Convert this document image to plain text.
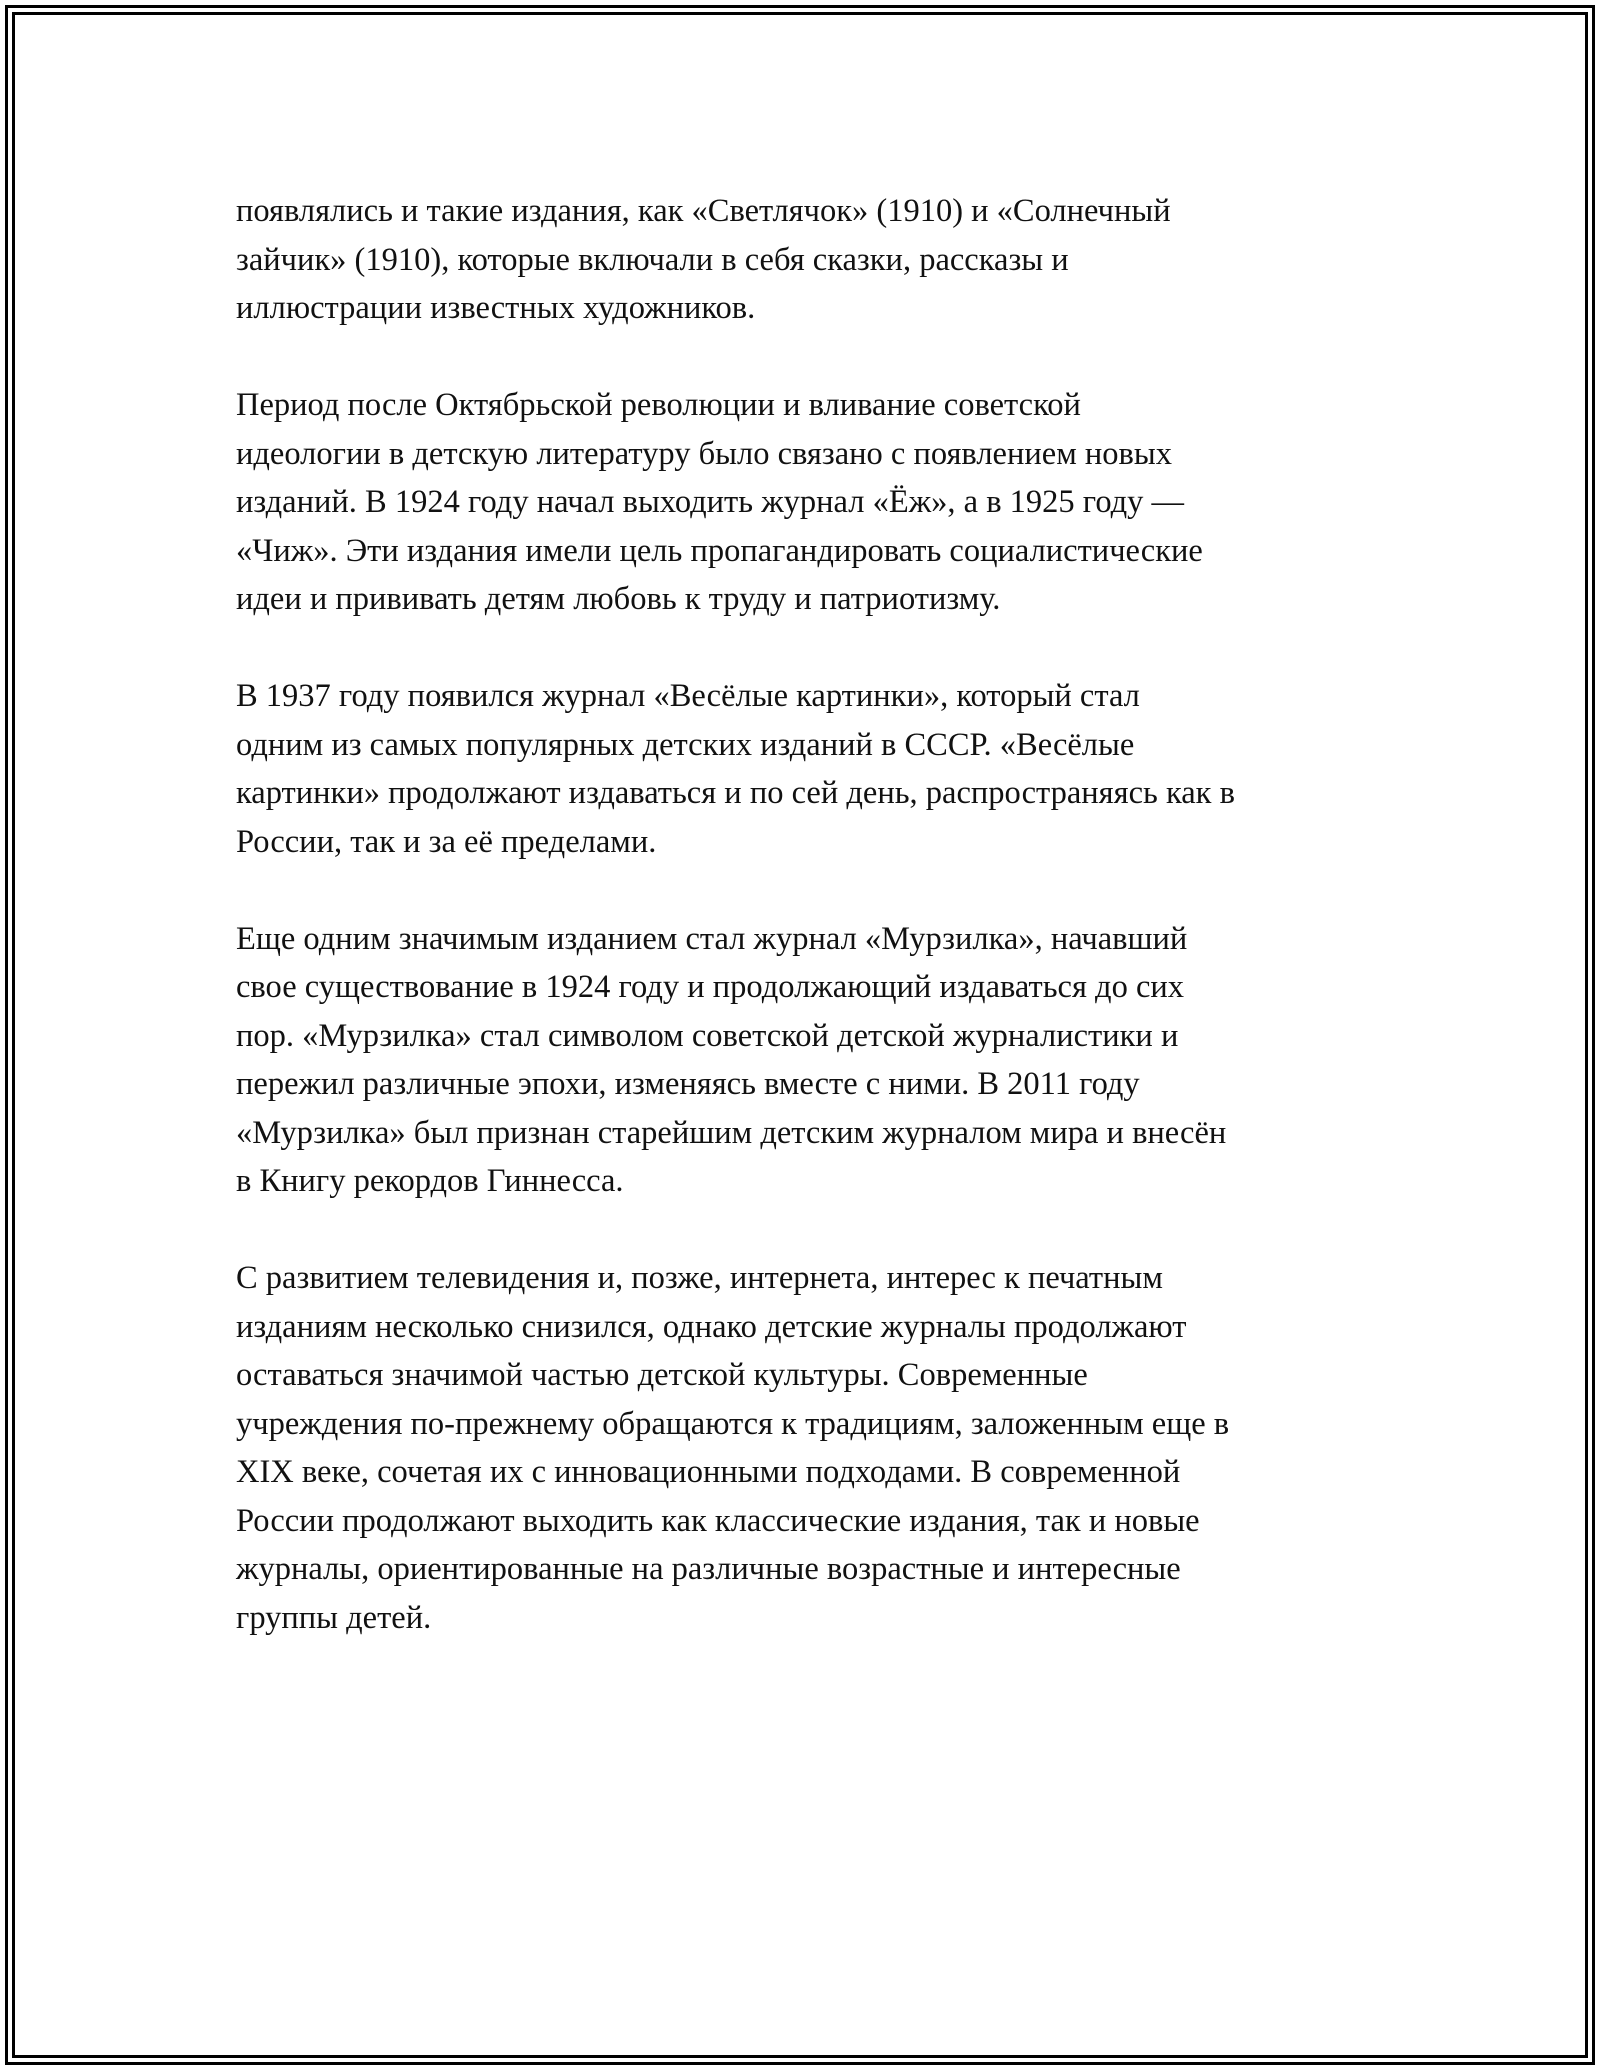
появлялись и такие издания, как «Светлячок» (1910) и «Солнечный
зайчик» (1910), которые включали в себя сказки, рассказы и
иллюстрации известных художников.

Период после Октябрьской революции и вливание советской
идеологии в детскую литературу было связано с появлением новых
изданий. В 1924 году начал выходить журнал «Ёж», а в 1925 году —
«Чиж». Эти издания имели цель пропагандировать социалистические
идеи и прививать детям любовь к труду и патриотизму.

В 1937 году появился журнал «Весёлые картинки», который стал
одним из самых популярных детских изданий в СССР. «Весёлые
картинки» продолжают издаваться и по сей день, распространяясь как в
России, так и за её пределами.

Еще одним значимым изданием стал журнал «Мурзилка», начавший
свое существование в 1924 году и продолжающий издаваться до сих
пор. «Мурзилка» стал символом советской детской журналистики и
пережил различные эпохи, изменяясь вместе с ними. В 2011 году
«Мурзилка» был признан старейшим детским журналом мира и внесён
в Книгу рекордов Гиннесса.

С развитием телевидения и, позже, интернета, интерес к печатным
изданиям несколько снизился, однако детские журналы продолжают
оставаться значимой частью детской культуры. Современные
учреждения по-прежнему обращаются к традициям, заложенным еще в
XIX веке, сочетая их с инновационными подходами. В современной
России продолжают выходить как классические издания, так и новые
журналы, ориентированные на различные возрастные и интересные
группы детей.
